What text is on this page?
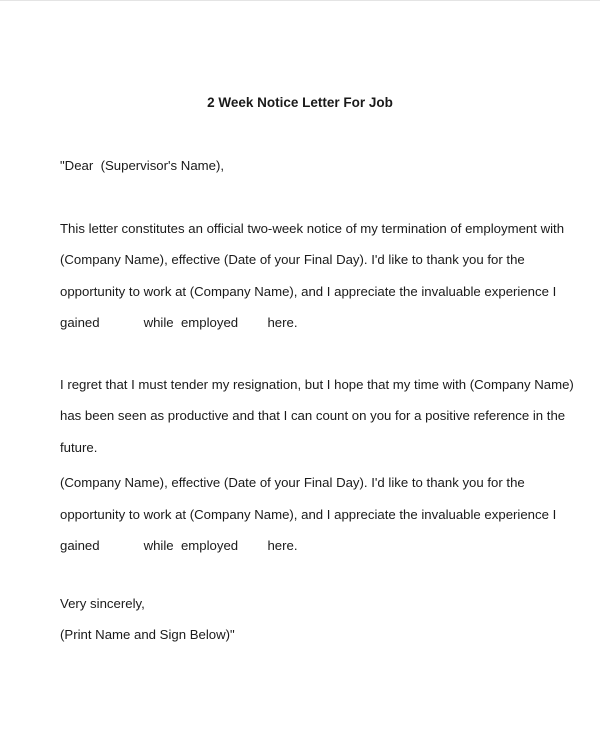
2 Week Notice Letter For Job

"Dear  (Supervisor's Name),

This letter constitutes an official two-week notice of my termination of employment with

(Company Name), effective (Date of your Final Day). I'd like to thank you for the

opportunity to work at (Company Name), and I appreciate the invaluable experience I

gained            while  employed        here.

I regret that I must tender my resignation, but I hope that my time with (Company Name)

has been seen as productive and that I can count on you for a positive reference in the

future.

(Company Name), effective (Date of your Final Day). I'd like to thank you for the

opportunity to work at (Company Name), and I appreciate the invaluable experience I

gained            while  employed        here.

Very sincerely,

(Print Name and Sign Below)"
